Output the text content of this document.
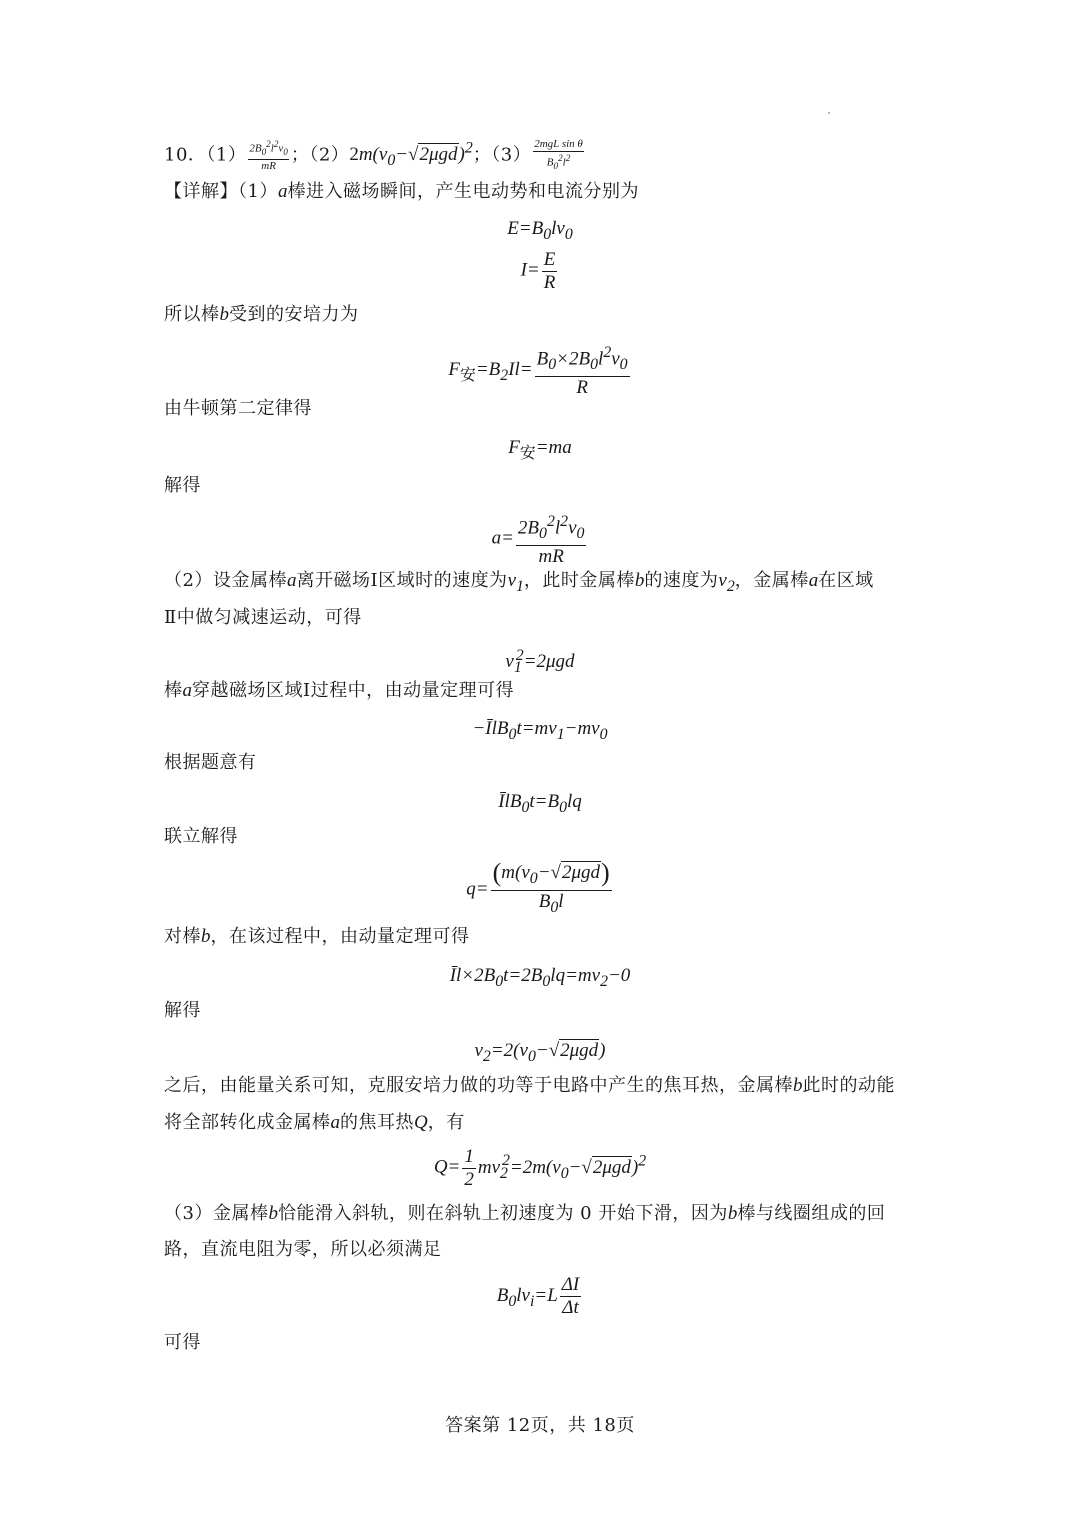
10．$(1) \frac{2B_0^2l^2v_0}{mR}$ ；$(2)2m(v_0-√2\mu gd)^2$；$(3) \frac{\text{2mgL sin θ}}{B_0^2l^2}$
【详解】（1）a棒进入磁场瞬间，产生电动势和电流分别为
$E=B_0lv_0$
$I= \frac{E}{R}$
所以棒b受到的安培力为
$F_安=B_2Il= \frac{B_0\times 2B_0l^2v_0}{R}$
由牛顿第二定律得
$F_安=ma$
解得
$a= \frac{2B_0^2l^2v_0}{mR}$
（2）设金属棒a离开磁场Ⅰ区域时的速度为$v_1$，此时金属棒b的速度为$v_2$，金属棒a在区域
Ⅱ中做匀减速运动，可得
$v_1^2=2\mu gd$
棒a穿越磁场区域Ⅰ过程中，由动量定理可得
$-ĪlB_0t=mv_1-mv_0$
根据题意有
$ĪlB_0t=B_0lq$
联立解得
$q= \frac{(m(v_0-√2\mu gd)}{B_0l}$
对棒b，在该过程中，由动量定理可得
$Īl\times 2B_0t=2B_0lq=mv_2-0$
解得
$v_2=2(v_0-√2\mu gd)$
之后，由能量关系可知，克服安培力做的功等于电路中产生的焦耳热，金属棒b此时的动能
将全部转化成金属棒a的焦耳热Q，有
$Q= \frac{1}{2} mv_2^2=2m(v_0-√2\mu gd)^2$
（3）金属棒b恰能滑入斜轨，则在斜轨上初速度为 0 开始下滑，因为b棒与线圈组成的回
路，直流电阻为零，所以必须满足
$B_0lv_i=L \frac{\Delta I}{\Delta t}$
可得
答案第 12页，共 18页
